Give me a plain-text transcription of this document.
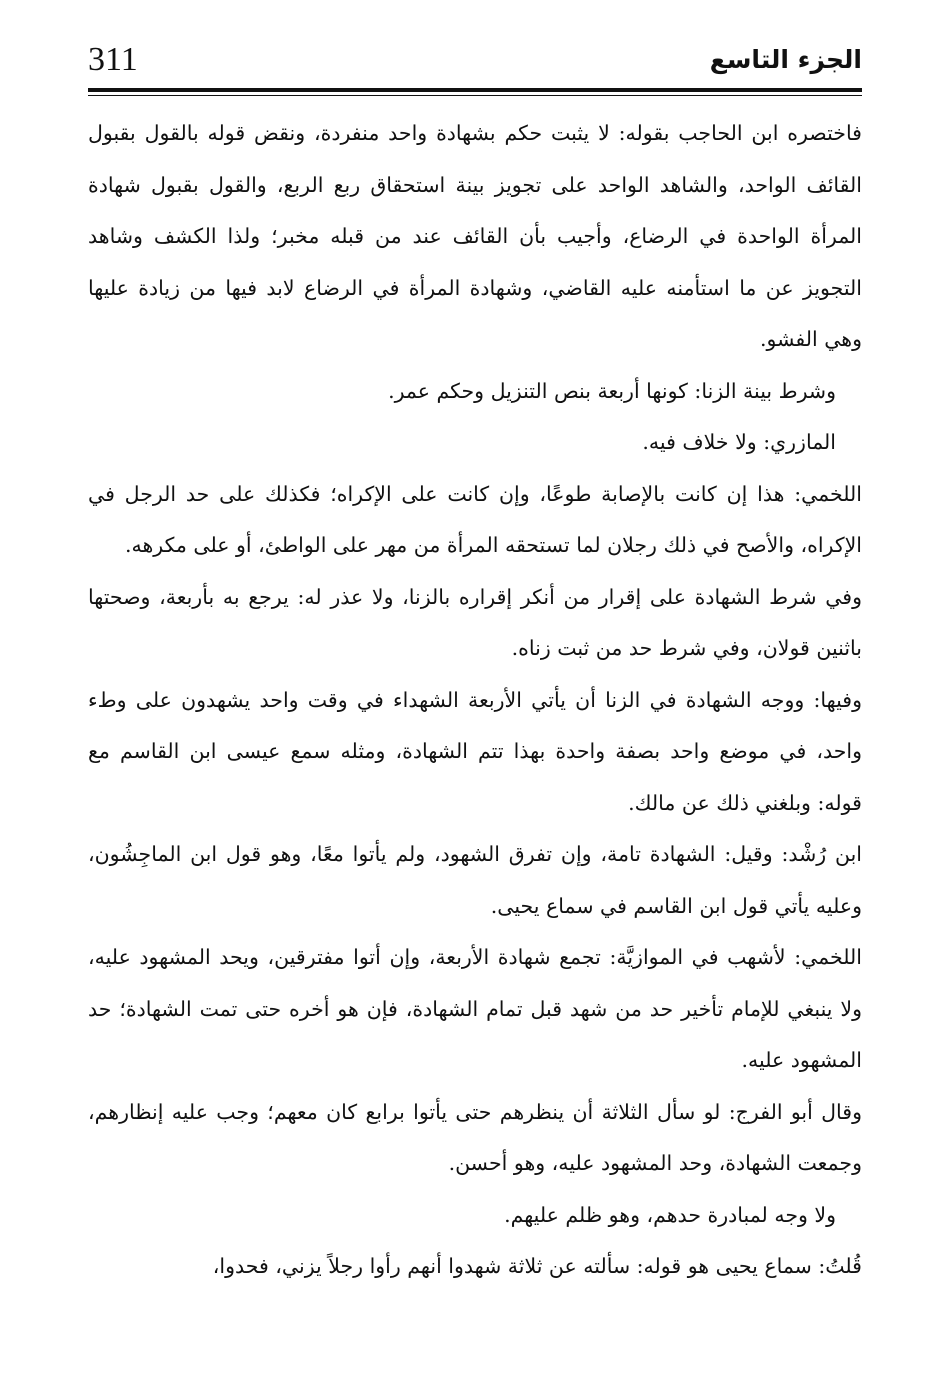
311	الجزء التاسع

فاختصره ابن الحاجب بقوله: لا يثبت حكم بشهادة واحد منفردة، ونقض قوله بالقول بقبول القائف الواحد، والشاهد الواحد على تجويز بينة استحقاق ربع الربع، والقول بقبول شهادة المرأة الواحدة في الرضاع، وأجيب بأن القائف عند من قبله مخبر؛ ولذا الكشف وشاهد التجويز عن ما استأمنه عليه القاضي، وشهادة المرأة في الرضاع لابد فيها من زيادة عليها وهي الفشو.

وشرط بينة الزنا: كونها أربعة بنص التنزيل وحكم عمر.

المازري: ولا خلاف فيه.

اللخمي: هذا إن كانت بالإصابة طوعًا، وإن كانت على الإكراه؛ فكذلك على حد الرجل في الإكراه، والأصح في ذلك رجلان لما تستحقه المرأة من مهر على الواطئ، أو على مكرهه.

وفي شرط الشهادة على إقرار من أنكر إقراره بالزنا، ولا عذر له: يرجع به بأربعة، وصحتها باثنين قولان، وفي شرط حد من ثبت زناه.

وفيها: ووجه الشهادة في الزنا أن يأتي الأربعة الشهداء في وقت واحد يشهدون على وطء واحد، في موضع واحد بصفة واحدة بهذا تتم الشهادة، ومثله سمع عيسى ابن القاسم مع قوله: وبلغني ذلك عن مالك.

ابن رُشْد: وقيل: الشهادة تامة، وإن تفرق الشهود، ولم يأتوا معًا، وهو قول ابن الماجِشُون، وعليه يأتي قول ابن القاسم في سماع يحيى.

اللخمي: لأشهب في الموازيَّة: تجمع شهادة الأربعة، وإن أتوا مفترقين، ويحد المشهود عليه، ولا ينبغي للإمام تأخير حد من شهد قبل تمام الشهادة، فإن هو أخره حتى تمت الشهادة؛ حد المشهود عليه.

وقال أبو الفرج: لو سأل الثلاثة أن ينظرهم حتى يأتوا برابع كان معهم؛ وجب عليه إنظارهم، وجمعت الشهادة، وحد المشهود عليه، وهو أحسن.

ولا وجه لمبادرة حدهم، وهو ظلم عليهم.

قُلتُ: سماع يحيى هو قوله: سألته عن ثلاثة شهدوا أنهم رأوا رجلاً يزني، فحدوا،
